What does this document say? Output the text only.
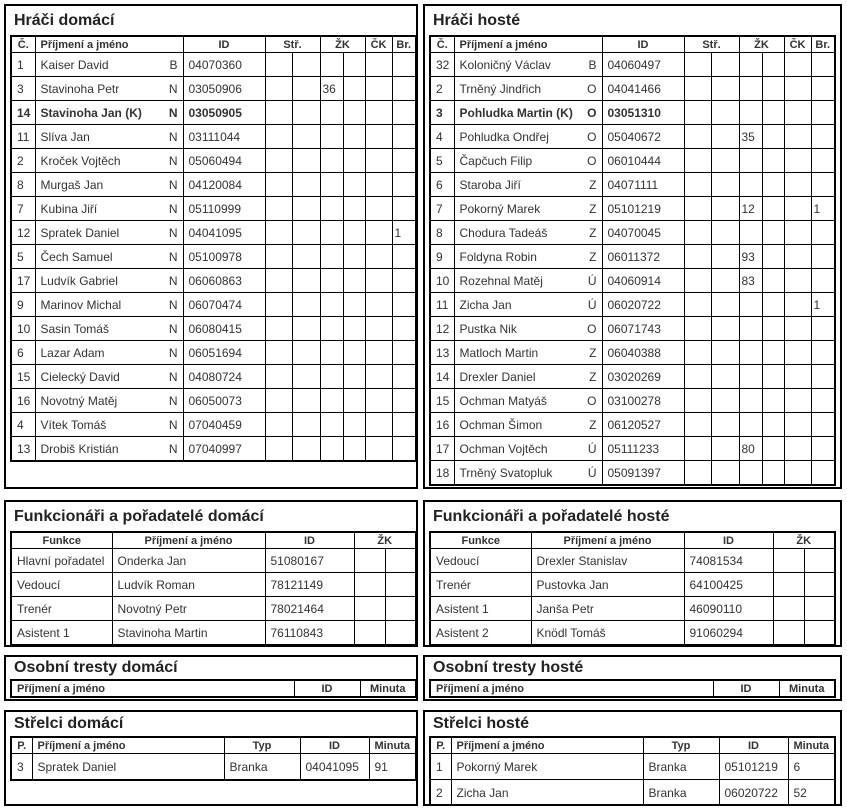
Hráči domácí
Č.	Příjmení a jméno	ID	Stř.		ŽK		ČK	Br.
1	Kaiser David B	04070360						
3	Stavinoha Petr N	03050906			36			
14	Stavinoha Jan (K) N	03050905						
11	Slíva Jan N	03111044						
2	Kroček Vojtěch N	05060494						
8	Murgaš Jan N	04120084						
7	Kubina Jiří N	05110999						
12	Spratek Daniel N	04041095						1
5	Čech Samuel N	05100978						
17	Ludvík Gabriel N	06060863						
9	Marinov Michal N	06070474						
10	Sasin Tomáš N	06080415						
6	Lazar Adam N	06051694						
15	Cielecký David N	04080724						
16	Novotný Matěj N	06050073						
4	Vítek Tomáš N	07040459						
13	Drobiš Kristián N	07040997						
Hráči hosté
Č.	Příjmení a jméno	ID	Stř.		ŽK		ČK	Br.
32	Koloničný Václav B	04060497						
2	Trněný Jindřich O	04041466						
3	Pohludka Martin (K) O	03051310						
4	Pohludka Ondřej O	05040672			35			
5	Čapčuch Filip O	06010444						
6	Staroba Jiří Z	04071111						
7	Pokorný Marek Z	05101219			12			1
8	Chodura Tadeáš Z	04070045						
9	Foldyna Robin Z	06011372			93			
10	Rozehnal Matěj Ú	04060914			83			
11	Zicha Jan Ú	06020722						1
12	Pustka Nik O	06071743						
13	Matloch Martin Z	06040388						
14	Drexler Daniel Z	03020269						
15	Ochman Matyáš O	03100278						
16	Ochman Šimon Z	06120527						
17	Ochman Vojtěch Ú	05111233			80			
18	Trněný Svatopluk Ú	05091397						
Funkcionáři a pořadatelé domácí
Funkce	Příjmení a jméno	ID	ŽK	
Hlavní pořadatel	Onderka Jan	51080167		
Vedoucí	Ludvík Roman	78121149		
Trenér	Novotný Petr	78021464		
Asistent 1	Stavinoha Martin	76110843		
Funkcionáři a pořadatelé hosté
Funkce	Příjmení a jméno	ID	ŽK	
Vedoucí	Drexler Stanislav	74081534		
Trenér	Pustovka Jan	64100425		
Asistent 1	Janša Petr	46090110		
Asistent 2	Knödl Tomáš	91060294		
Osobní tresty domácí
Příjmení a jméno	ID	Minuta
Osobní tresty hosté
Příjmení a jméno	ID	Minuta
Střelci domácí
P.	Příjmení a jméno	Typ	ID	Minuta
3	Spratek Daniel	Branka	04041095	91
Střelci hosté
P.	Příjmení a jméno	Typ	ID	Minuta
1	Pokorný Marek	Branka	05101219	6
2	Zicha Jan	Branka	06020722	52
